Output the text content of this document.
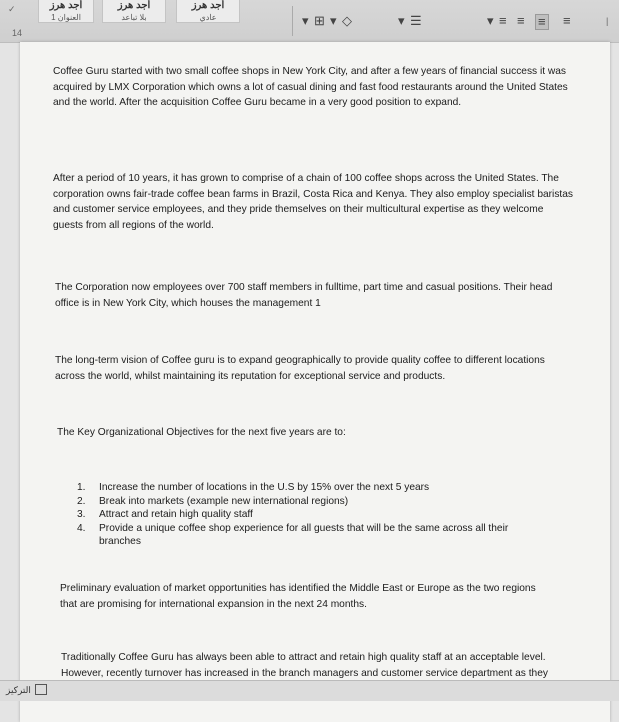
✓
14
أجد هرز
العنوان 1
أجد هرز
بلا تباعد
أجد هرز
عادي	▾ ⊞ ▾ ◇	▾ ☰	▾ ≡ ≡ ≡ ≡	|

Coffee Guru started with two small coffee shops in New York City, and after a few years of financial success it was acquired by LMX Corporation which owns a lot of casual dining and fast food restaurants around the United States and the world. After the acquisition Coffee Guru became in a very good position to expand.

After a period of 10 years, it has grown to comprise of a chain of 100 coffee shops across the United States. The corporation owns fair-trade coffee bean farms in Brazil, Costa Rica and Kenya. They also employ specialist baristas and customer service employees, and they pride themselves on their multicultural expertise as they welcome guests from all regions of the world.

The Corporation now employees over 700 staff members in fulltime, part time and casual positions. Their head office is in New York City, which houses the management 1

The long-term vision of Coffee guru is to expand geographically to provide quality coffee to different locations across the world, whilst maintaining its reputation for exceptional service and products.

The Key Organizational Objectives for the next five years are to:

1. Increase the number of locations in the U.S by 15% over the next 5 years
2. Break into markets (example new international regions)
3. Attract and retain high quality staff
4. Provide a unique coffee shop experience for all guests that will be the same across all their branches

Preliminary evaluation of market opportunities has identified the Middle East or Europe as the two regions that are promising for international expansion in the next 24 months.

Traditionally Coffee Guru has always been able to attract and retain high quality staff at an acceptable level. However, recently turnover has increased in the branch managers and customer service department as they

التركيز
